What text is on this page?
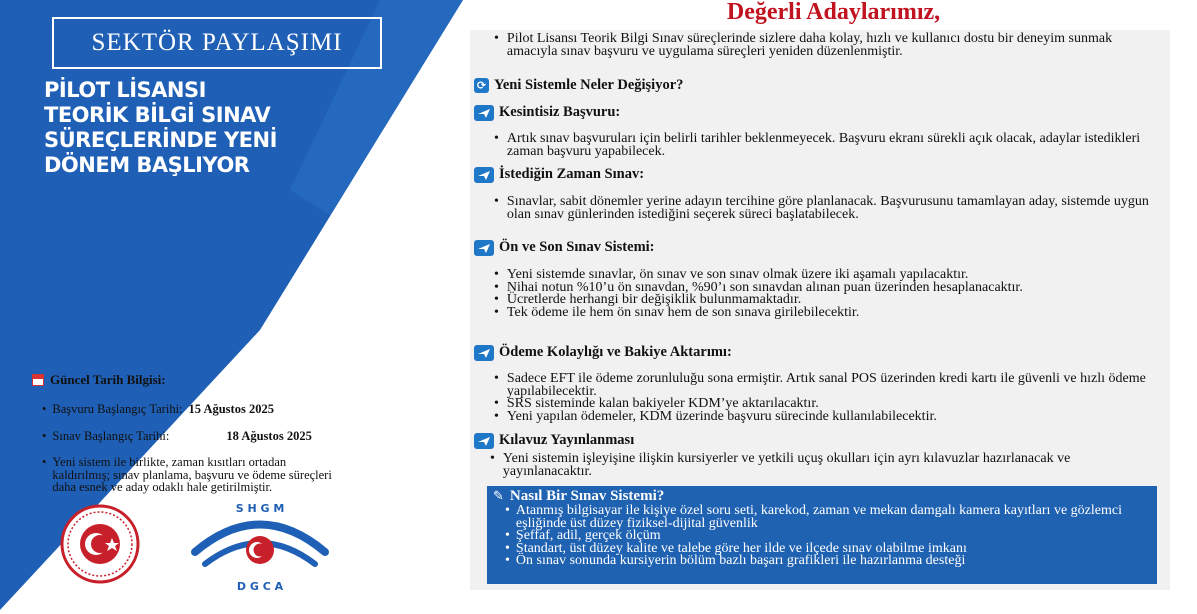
SEKTÖR PAYLAŞIMI
PİLOT LİSANSI
TEORİK BİLGİ SINAV
SÜREÇLERİNDE YENİ
DÖNEM BAŞLIYOR
Güncel Tarih Bilgisi:
• Başvuru Başlangıç Tarihi: 15 Ağustos 2025
• Sınav Başlangıç Tarihi:	18 Ağustos 2025
• Yeni sistem ile birlikte, zaman kısıtları ortadan kaldırılmış; sınav planlama, başvuru ve ödeme süreçleri daha esnek ve aday odaklı hale getirilmiştir.
S H G M
D G C A
Değerli Adaylarımız,
• Pilot Lisansı Teorik Bilgi Sınav süreçlerinde sizlere daha kolay, hızlı ve kullanıcı dostu bir deneyim sunmak amacıyla sınav başvuru ve uygulama süreçleri yeniden düzenlenmiştir.
⟳ Yeni Sistemle Neler Değişiyor?
Kesintisiz Başvuru:
• Artık sınav başvuruları için belirli tarihler beklenmeyecek. Başvuru ekranı sürekli açık olacak, adaylar istedikleri zaman başvuru yapabilecek.
İstediğin Zaman Sınav:
• Sınavlar, sabit dönemler yerine adayın tercihine göre planlanacak. Başvurusunu tamamlayan aday, sistemde uygun olan sınav günlerinden istediğini seçerek süreci başlatabilecek.
Ön ve Son Sınav Sistemi:
• Yeni sistemde sınavlar, ön sınav ve son sınav olmak üzere iki aşamalı yapılacaktır.
• Nihai notun %10’u ön sınavdan, %90’ı son sınavdan alınan puan üzerinden hesaplanacaktır.
• Ücretlerde herhangi bir değişiklik bulunmamaktadır.
• Tek ödeme ile hem ön sınav hem de son sınava girilebilecektir.
Ödeme Kolaylığı ve Bakiye Aktarımı:
• Sadece EFT ile ödeme zorunluluğu sona ermiştir. Artık sanal POS üzerinden kredi kartı ile güvenli ve hızlı ödeme yapılabilecektir.
• SRS sisteminde kalan bakiyeler KDM’ye aktarılacaktır.
• Yeni yapılan ödemeler, KDM üzerinde başvuru sürecinde kullanılabilecektir.
Kılavuz Yayınlanması
• Yeni sistemin işleyişine ilişkin kursiyerler ve yetkili uçuş okulları için ayrı kılavuzlar hazırlanacak ve yayınlanacaktır.
✎ Nasıl Bir Sınav Sistemi?
• Atanmış bilgisayar ile kişiye özel soru seti, karekod, zaman ve mekan damgalı kamera kayıtları ve gözlemci eşliğinde üst düzey fiziksel-dijital güvenlik
• Şeffaf, adil, gerçek ölçüm
• Standart, üst düzey kalite ve talebe göre her ilde ve ilçede sınav olabilme imkanı
• Ön sınav sonunda kursiyerin bölüm bazlı başarı grafikleri ile hazırlanma desteği
